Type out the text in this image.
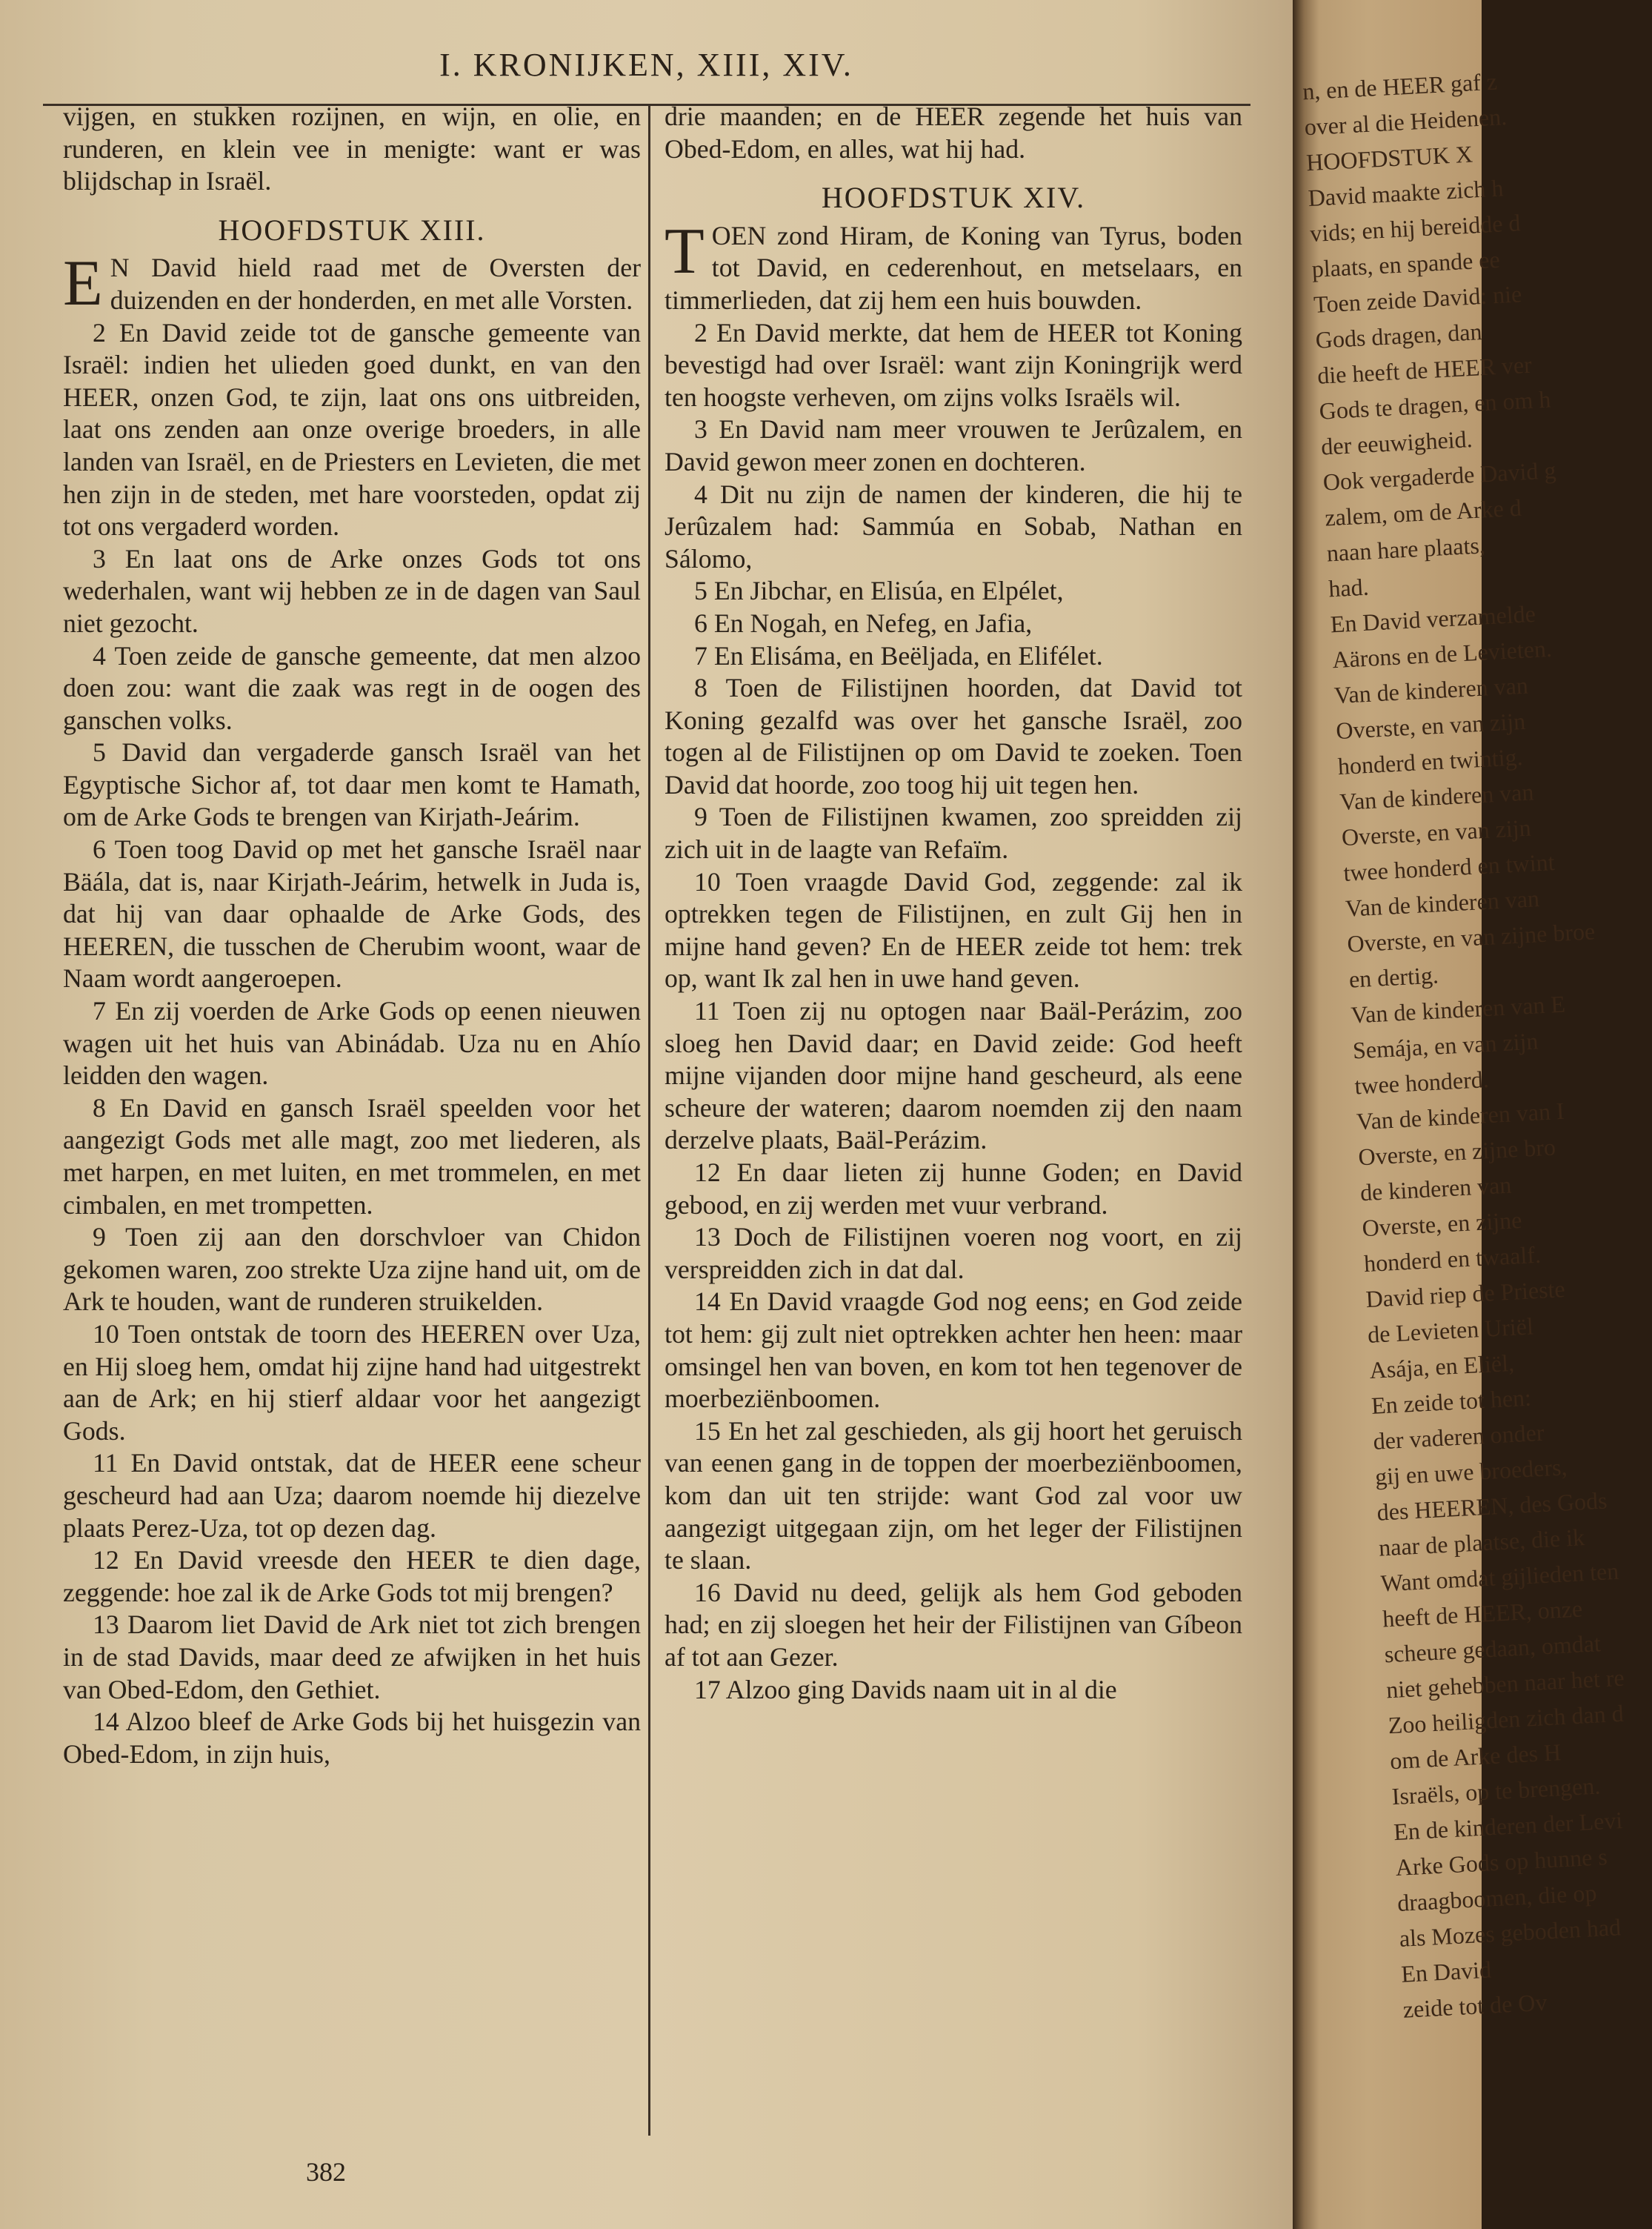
I. KRONIJKEN, XIII, XIV.

vijgen, en stukken rozijnen, en wijn, en olie, en runderen, en klein vee in menigte: want er was blijdschap in Israël.

HOOFDSTUK XIII.

E N David hield raad met de Oversten der duizenden en der honderden, en met alle Vorsten.

2 En David zeide tot de gansche gemeente van Israël: indien het ulieden goed dunkt, en van den HEER, onzen God, te zijn, laat ons ons uitbreiden, laat ons zenden aan onze overige broeders, in alle landen van Israël, en de Priesters en Levieten, die met hen zijn in de steden, met hare voorsteden, opdat zij tot ons vergaderd worden.

3 En laat ons de Arke onzes Gods tot ons wederhalen, want wij hebben ze in de dagen van Saul niet gezocht.

4 Toen zeide de gansche gemeente, dat men alzoo doen zou: want die zaak was regt in de oogen des ganschen volks.

5 David dan vergaderde gansch Israël van het Egyptische Sichor af, tot daar men komt te Hamath, om de Arke Gods te brengen van Kirjath-Jeárim.

6 Toen toog David op met het gansche Israël naar Bäála, dat is, naar Kirjath-Jeárim, hetwelk in Juda is, dat hij van daar ophaalde de Arke Gods, des HEEREN, die tusschen de Cherubim woont, waar de Naam wordt aangeroepen.

7 En zij voerden de Arke Gods op eenen nieuwen wagen uit het huis van Abinádab. Uza nu en Ahío leidden den wagen.

8 En David en gansch Israël speelden voor het aangezigt Gods met alle magt, zoo met liederen, als met harpen, en met luiten, en met trommelen, en met cimbalen, en met trompetten.

9 Toen zij aan den dorschvloer van Chidon gekomen waren, zoo strekte Uza zijne hand uit, om de Ark te houden, want de runderen struikelden.

10 Toen ontstak de toorn des HEEREN over Uza, en Hij sloeg hem, omdat hij zijne hand had uitgestrekt aan de Ark; en hij stierf aldaar voor het aangezigt Gods.

11 En David ontstak, dat de HEER eene scheur gescheurd had aan Uza; daarom noemde hij diezelve plaats Perez-Uza, tot op dezen dag.

12 En David vreesde den HEER te dien dage, zeggende: hoe zal ik de Arke Gods tot mij brengen?

13 Daarom liet David de Ark niet tot zich brengen in de stad Davids, maar deed ze afwijken in het huis van Obed-Edom, den Gethiet.

14 Alzoo bleef de Arke Gods bij het huisgezin van Obed-Edom, in zijn huis,

drie maanden; en de HEER zegende het huis van Obed-Edom, en alles, wat hij had.

HOOFDSTUK XIV.

TOEN zond Hiram, de Koning van Tyrus, boden tot David, en cederenhout, en metselaars, en timmerlieden, dat zij hem een huis bouwden.

2 En David merkte, dat hem de HEER tot Koning bevestigd had over Israël: want zijn Koningrijk werd ten hoogste verheven, om zijns volks Israëls wil.

3 En David nam meer vrouwen te Jerûzalem, en David gewon meer zonen en dochteren.

4 Dit nu zijn de namen der kinderen, die hij te Jerûzalem had: Sammúa en Sobab, Nathan en Sálomo,

5 En Jibchar, en Elisúa, en Elpélet,

6 En Nogah, en Nefeg, en Jafia,

7 En Elisáma, en Beëljada, en Elifélet.

8 Toen de Filistijnen hoorden, dat David tot Koning gezalfd was over het gansche Israël, zoo togen al de Filistijnen op om David te zoeken. Toen David dat hoorde, zoo toog hij uit tegen hen.

9 Toen de Filistijnen kwamen, zoo spreidden zij zich uit in de laagte van Refaïm.

10 Toen vraagde David God, zeggende: zal ik optrekken tegen de Filistijnen, en zult Gij hen in mijne hand geven? En de HEER zeide tot hem: trek op, want Ik zal hen in uwe hand geven.

11 Toen zij nu optogen naar Baäl-Perázim, zoo sloeg hen David daar; en David zeide: God heeft mijne vijanden door mijne hand gescheurd, als eene scheure der wateren; daarom noemden zij den naam derzelve plaats, Baäl-Perázim.

12 En daar lieten zij hunne Goden; en David gebood, en zij werden met vuur verbrand.

13 Doch de Filistijnen voeren nog voort, en zij verspreidden zich in dat dal.

14 En David vraagde God nog eens; en God zeide tot hem: gij zult niet optrekken achter hen heen: maar omsingel hen van boven, en kom tot hen tegenover de moerbeziënboomen.

15 En het zal geschieden, als gij hoort het geruisch van eenen gang in de toppen der moerbeziënboomen, kom dan uit ten strijde: want God zal voor uw aangezigt uitgegaan zijn, om het leger der Filistijnen te slaan.

16 David nu deed, gelijk als hem God geboden had; en zij sloegen het heir der Filistijnen van Gíbeon af tot aan Gezer.

17 Alzoo ging Davids naam uit in al die

382
n, en de HEER gaf z
over al die Heidenen.
HOOFDSTUK X
David maakte zich h
vids; en hij bereidde d
plaats, en spande ee
Toen zeide David: nie
Gods dragen, dan
die heeft de HEER ver
Gods te dragen, en om h
der eeuwigheid.
Ook vergaderde David g
zalem, om de Arke d
naan hare plaats,
had.
En David verzamelde
Aärons en de Levieten.
Van de kinderen van
Overste, en van zijn
honderd en twintig.
Van de kinderen van
Overste, en van zijn
twee honderd en twint
Van de kinderen van
Overste, en van zijne broe
en dertig.
Van de kinderen van E
Semája, en van zijn
twee honderd.
Van de kinderen van I
Overste, en zijne bro
de kinderen van
Overste, en zijne
honderd en twaalf.
David riep de Prieste
de Levieten Uriël
Asája, en Eliël,
En zeide tot hen:
der vaderen onder
gij en uwe broeders,
des HEEREN, des Gods
naar de plaatse, die ik
Want omdat gijlieden ten
heeft de HEER, onze
scheure gedaan, omdat
niet gehebben naar het re
Zoo heiligden zich dan d
om de Arke des H
Israëls, op te brengen.
En de kinderen der Levi
Arke Gods op hunne s
draagboomen, die op
als Mozes geboden had
En David
zeide tot de Ov
